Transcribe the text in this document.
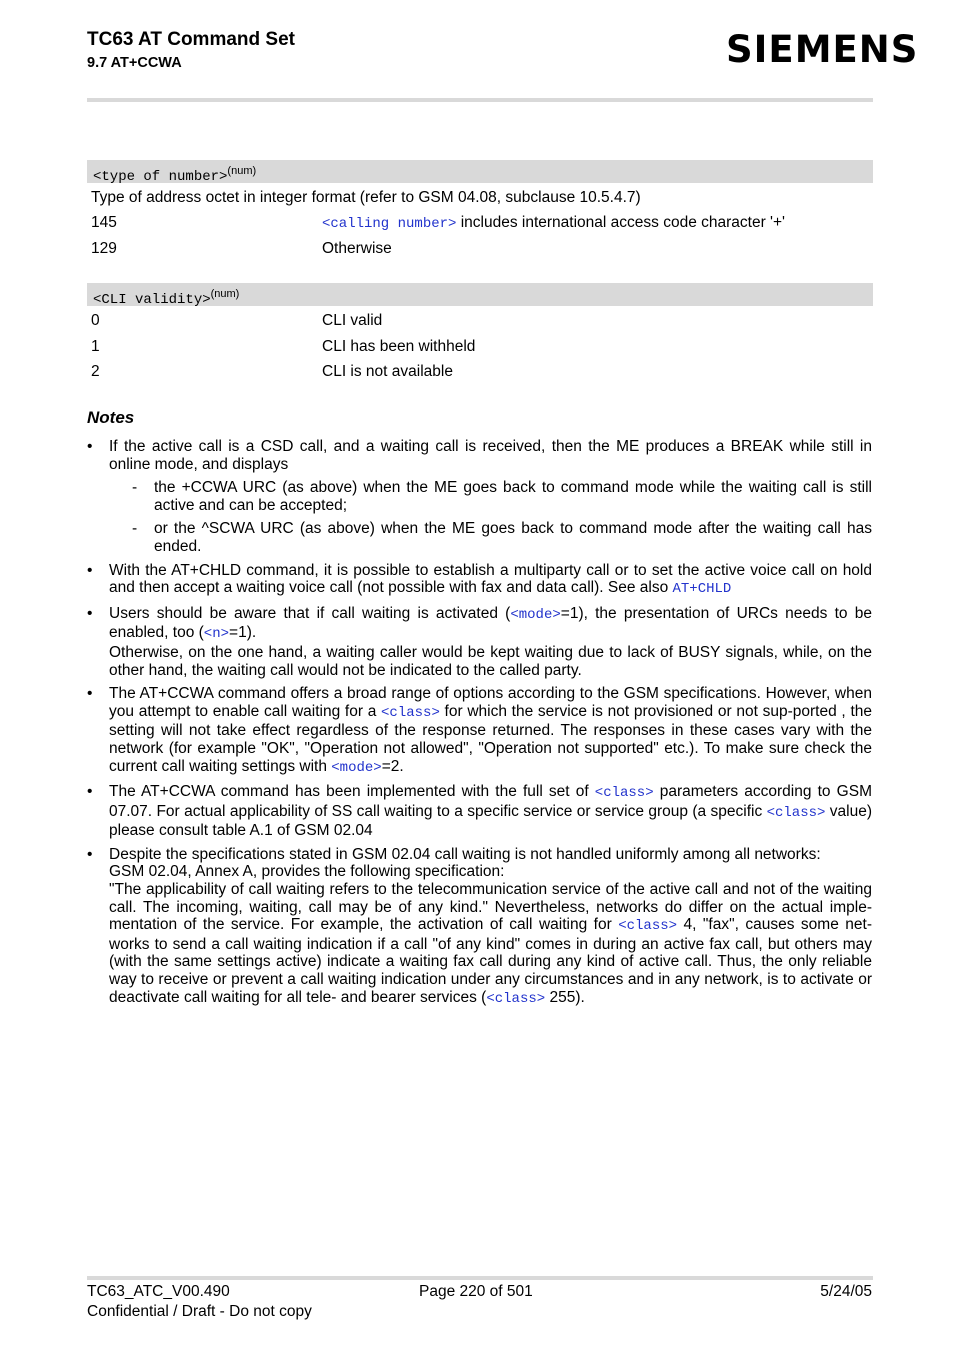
TC63 AT Command Set
9.7 AT+CCWA	SIEMENS
<type of number>$^{(num)}$
Type of address octet in integer format (refer to GSM 04.08, subclause 10.5.4.7)
145	<calling number> includes international access code character '+'
129	Otherwise
<CLI validity>$^{(num)}$
0	CLI valid
1	CLI has been withheld
2	CLI is not available
Notes
• If the active call is a CSD call, and a waiting call is received, then the ME produces a BREAK while still in online mode, and displays
- the +CCWA URC (as above) when the ME goes back to command mode while the waiting call is still active and can be accepted;
- or the ^SCWA URC (as above) when the ME goes back to command mode after the waiting call has ended.
• With the AT+CHLD command, it is possible to establish a multiparty call or to set the active voice call on hold and then accept a waiting voice call (not possible with fax and data call). See also AT+CHLD
• Users should be aware that if call waiting is activated (<mode>=1), the presentation of URCs needs to be enabled, too (<n>=1).
Otherwise, on the one hand, a waiting caller would be kept waiting due to lack of BUSY signals, while, on the other hand, the waiting call would not be indicated to the called party.
• The AT+CCWA command offers a broad range of options according to the GSM specifications. However, when you attempt to enable call waiting for a <class> for which the service is not provisioned or not sup-ported , the setting will not take effect regardless of the response returned. The responses in these cases vary with the network (for example "OK", "Operation not allowed", "Operation not supported" etc.). To make sure check the current call waiting settings with <mode>=2.
• The AT+CCWA command has been implemented with the full set of <class> parameters according to GSM 07.07. For actual applicability of SS call waiting to a specific service or service group (a specific <class> value) please consult table A.1 of GSM 02.04
• Despite the specifications stated in GSM 02.04 call waiting is not handled uniformly among all networks:
GSM 02.04, Annex A, provides the following specification:
"The applicability of call waiting refers to the telecommunication service of the active call and not of the waiting call. The incoming, waiting, call may be of any kind." Nevertheless, networks do differ on the actual imple-mentation of the service. For example, the activation of call waiting for <class> 4, "fax", causes some net-works to send a call waiting indication if a call "of any kind" comes in during an active fax call, but others may (with the same settings active) indicate a waiting fax call during any kind of active call. Thus, the only reliable way to receive or prevent a call waiting indication under any circumstances and in any network, is to activate or deactivate call waiting for all tele- and bearer services (<class> 255).
TC63_ATC_V00.490
Confidential / Draft - Do not copy
Page 220 of 501	5/24/05
